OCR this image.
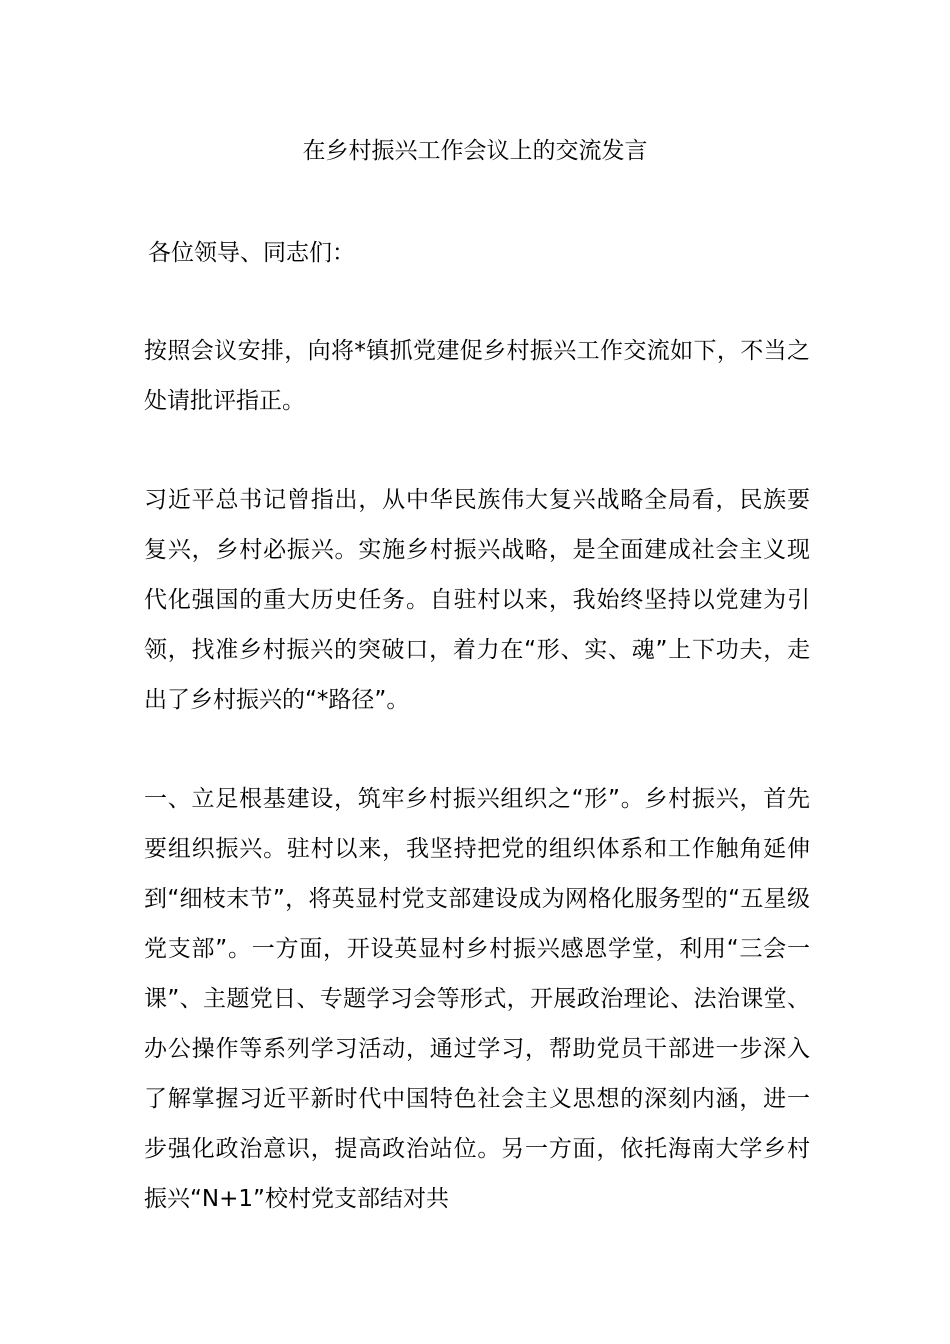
在乡村振兴工作会议上的交流发言
各位领导、同志们：

按照会议安排，向将*镇抓党建促乡村振兴工作交流如下，不当之处请批评指正。

习近平总书记曾指出，从中华民族伟大复兴战略全局看，民族要复兴，乡村必振兴。实施乡村振兴战略，是全面建成社会主义现代化强国的重大历史任务。自驻村以来，我始终坚持以党建为引领，找准乡村振兴的突破口，着力在“形、实、魂”上下功夫，走出了乡村振兴的“*路径”。

一、立足根基建设，筑牢乡村振兴组织之“形”。乡村振兴，首先要组织振兴。驻村以来，我坚持把党的组织体系和工作触角延伸到“细枝末节”，将英显村党支部建设成为网格化服务型的“五星级党支部”。一方面，开设英显村乡村振兴感恩学堂，利用“三会一课”、主题党日、专题学习会等形式，开展政治理论、法治课堂、办公操作等系列学习活动，通过学习，帮助党员干部进一步深入了解掌握习近平新时代中国特色社会主义思想的深刻内涵，进一步强化政治意识，提高政治站位。另一方面，依托海南大学乡村振兴“N+1”校村党支部结对共
